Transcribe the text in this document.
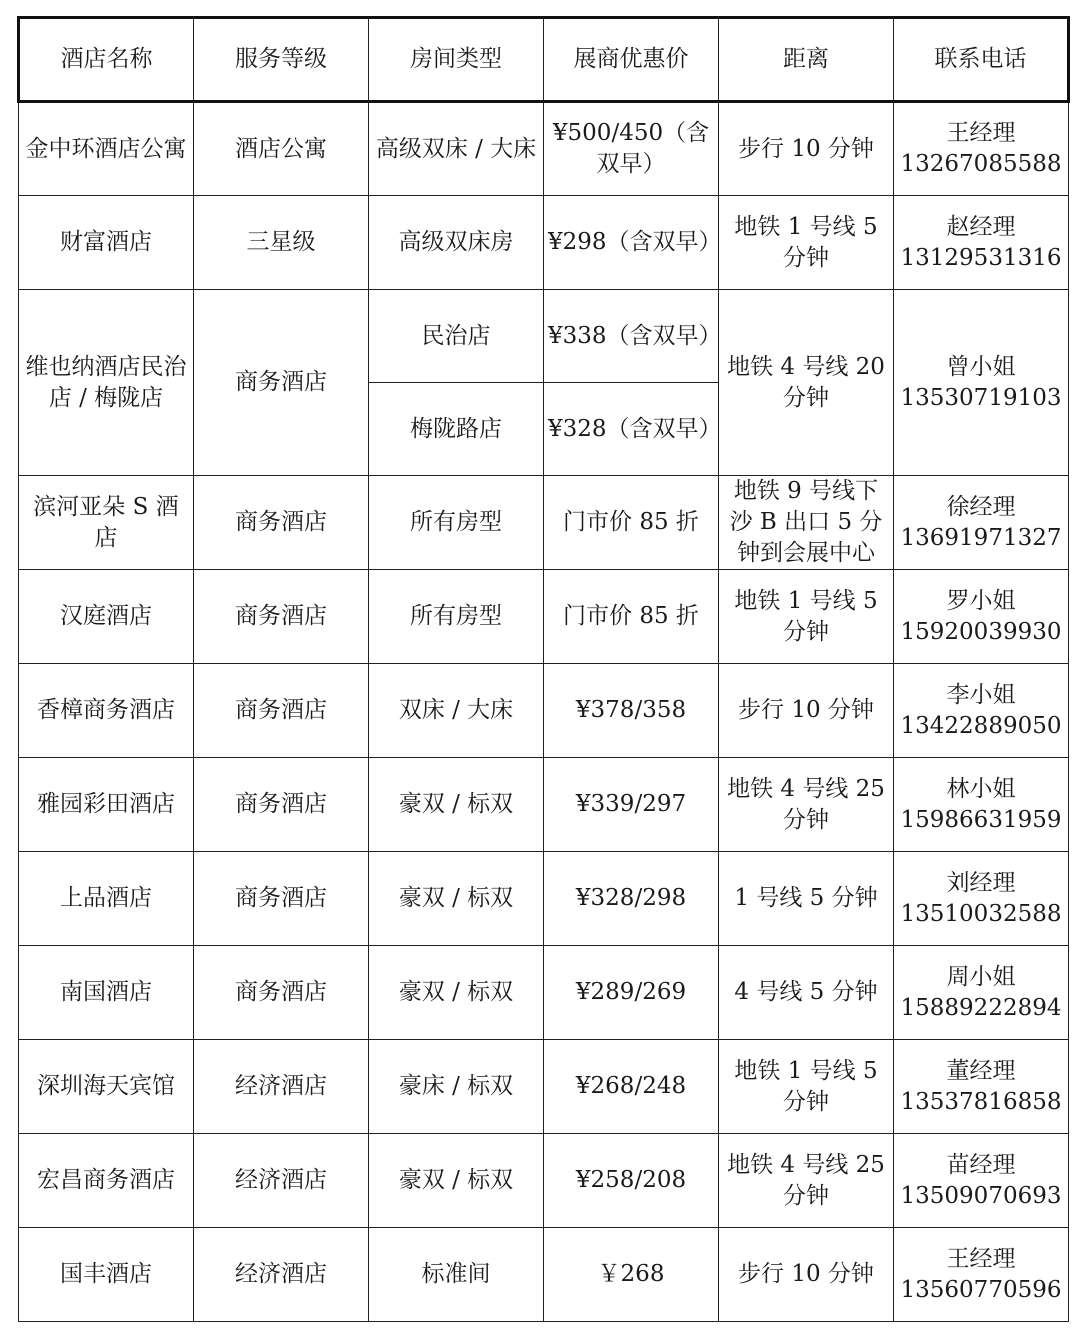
酒店名称	服务等级	房间类型	展商优惠价	距离	联系电话
金中环酒店公寓	酒店公寓	高级双床 / 大床	¥500/450（含双早）	步行 10 分钟	王经理
13267085588

财富酒店	三星级	高级双床房	¥298（含双早）	地铁 1 号线 5 分钟	赵经理
13129531316

维也纳酒店民治店 / 梅陇店	商务酒店	民治店	¥338（含双早）	地铁 4 号线 20 分钟	曾小姐
13530719103

		梅陇路店	¥328（含双早）		
滨河亚朵 S 酒店	商务酒店	所有房型	门市价 85 折	地铁 9 号线下沙 B 出口 5 分钟到会展中心	徐经理
13691971327

汉庭酒店	商务酒店	所有房型	门市价 85 折	地铁 1 号线 5 分钟	罗小姐
15920039930

香樟商务酒店	商务酒店	双床 / 大床	¥378/358	步行 10 分钟	李小姐
13422889050

雅园彩田酒店	商务酒店	豪双 / 标双	¥339/297	地铁 4 号线 25 分钟	林小姐
15986631959

上品酒店	商务酒店	豪双 / 标双	¥328/298	1 号线 5 分钟	刘经理
13510032588

南国酒店	商务酒店	豪双 / 标双	¥289/269	4 号线 5 分钟	周小姐
15889222894

深圳海天宾馆	经济酒店	豪床 / 标双	¥268/248	地铁 1 号线 5 分钟	董经理
13537816858

宏昌商务酒店	经济酒店	豪双 / 标双	¥258/208	地铁 4 号线 25 分钟	苗经理
13509070693

国丰酒店	经济酒店	标准间	￥268	步行 10 分钟	王经理
13560770596
